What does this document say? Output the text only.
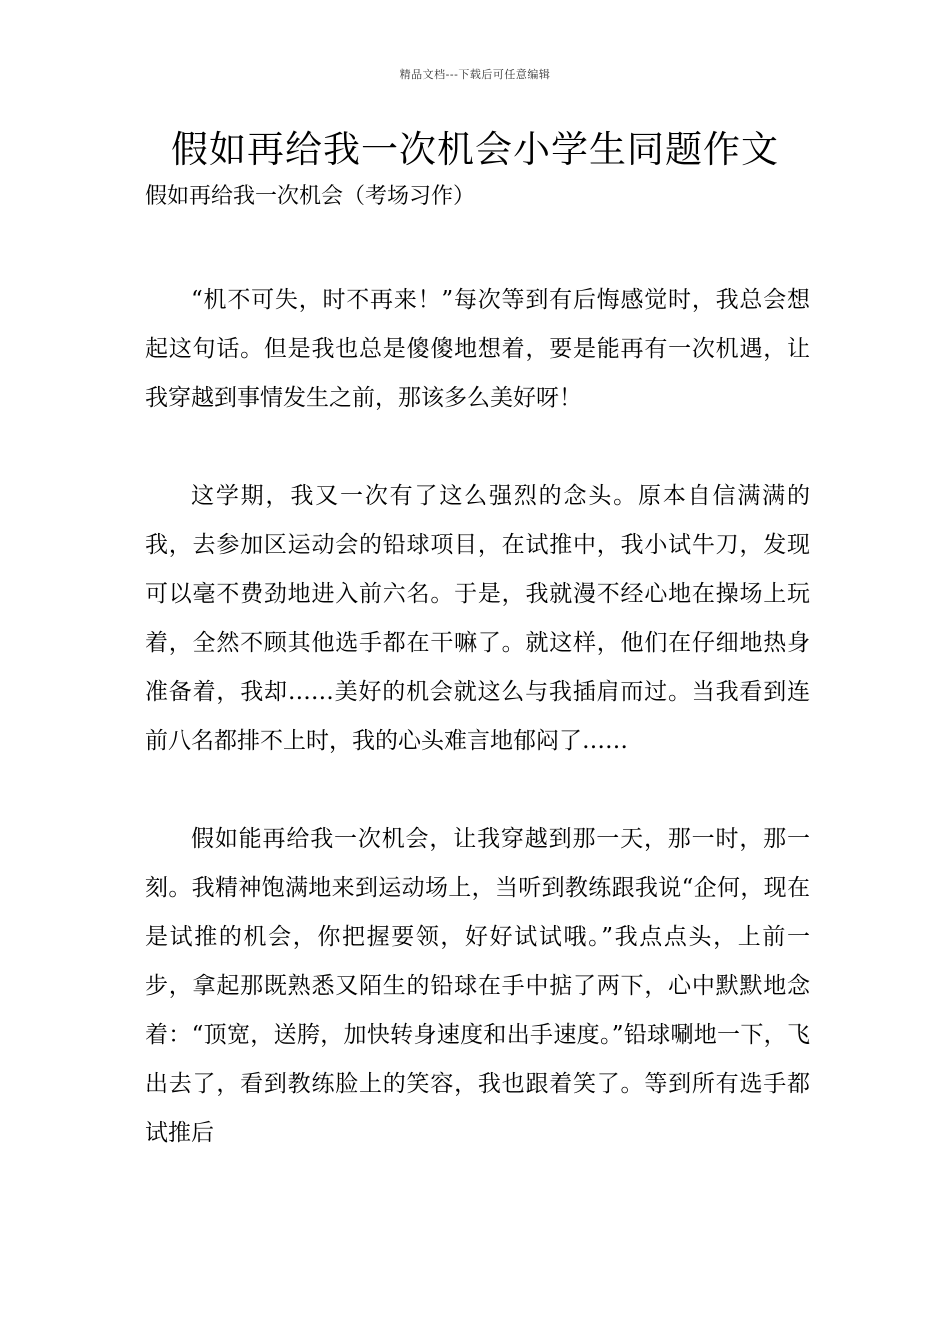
精品文档---下载后可任意编辑
假如再给我一次机会小学生同题作文
假如再给我一次机会（考场习作）

“机不可失，时不再来！”每次等到有后悔感觉时，我总会想起这句话。但是我也总是傻傻地想着，要是能再有一次机遇，让我穿越到事情发生之前，那该多么美好呀！

这学期，我又一次有了这么强烈的念头。原本自信满满的我，去参加区运动会的铅球项目，在试推中，我小试牛刀，发现可以毫不费劲地进入前六名。于是，我就漫不经心地在操场上玩着，全然不顾其他选手都在干嘛了。就这样，他们在仔细地热身准备着，我却……美好的机会就这么与我插肩而过。当我看到连前八名都排不上时，我的心头难言地郁闷了……

假如能再给我一次机会，让我穿越到那一天，那一时，那一刻。我精神饱满地来到运动场上，当听到教练跟我说“企何，现在是试推的机会，你把握要领，好好试试哦。”我点点头，上前一步，拿起那既熟悉又陌生的铅球在手中掂了两下，心中默默地念着：“顶宽，送胯，加快转身速度和出手速度。”铅球唰地一下，飞出去了，看到教练脸上的笑容，我也跟着笑了。等到所有选手都试推后
